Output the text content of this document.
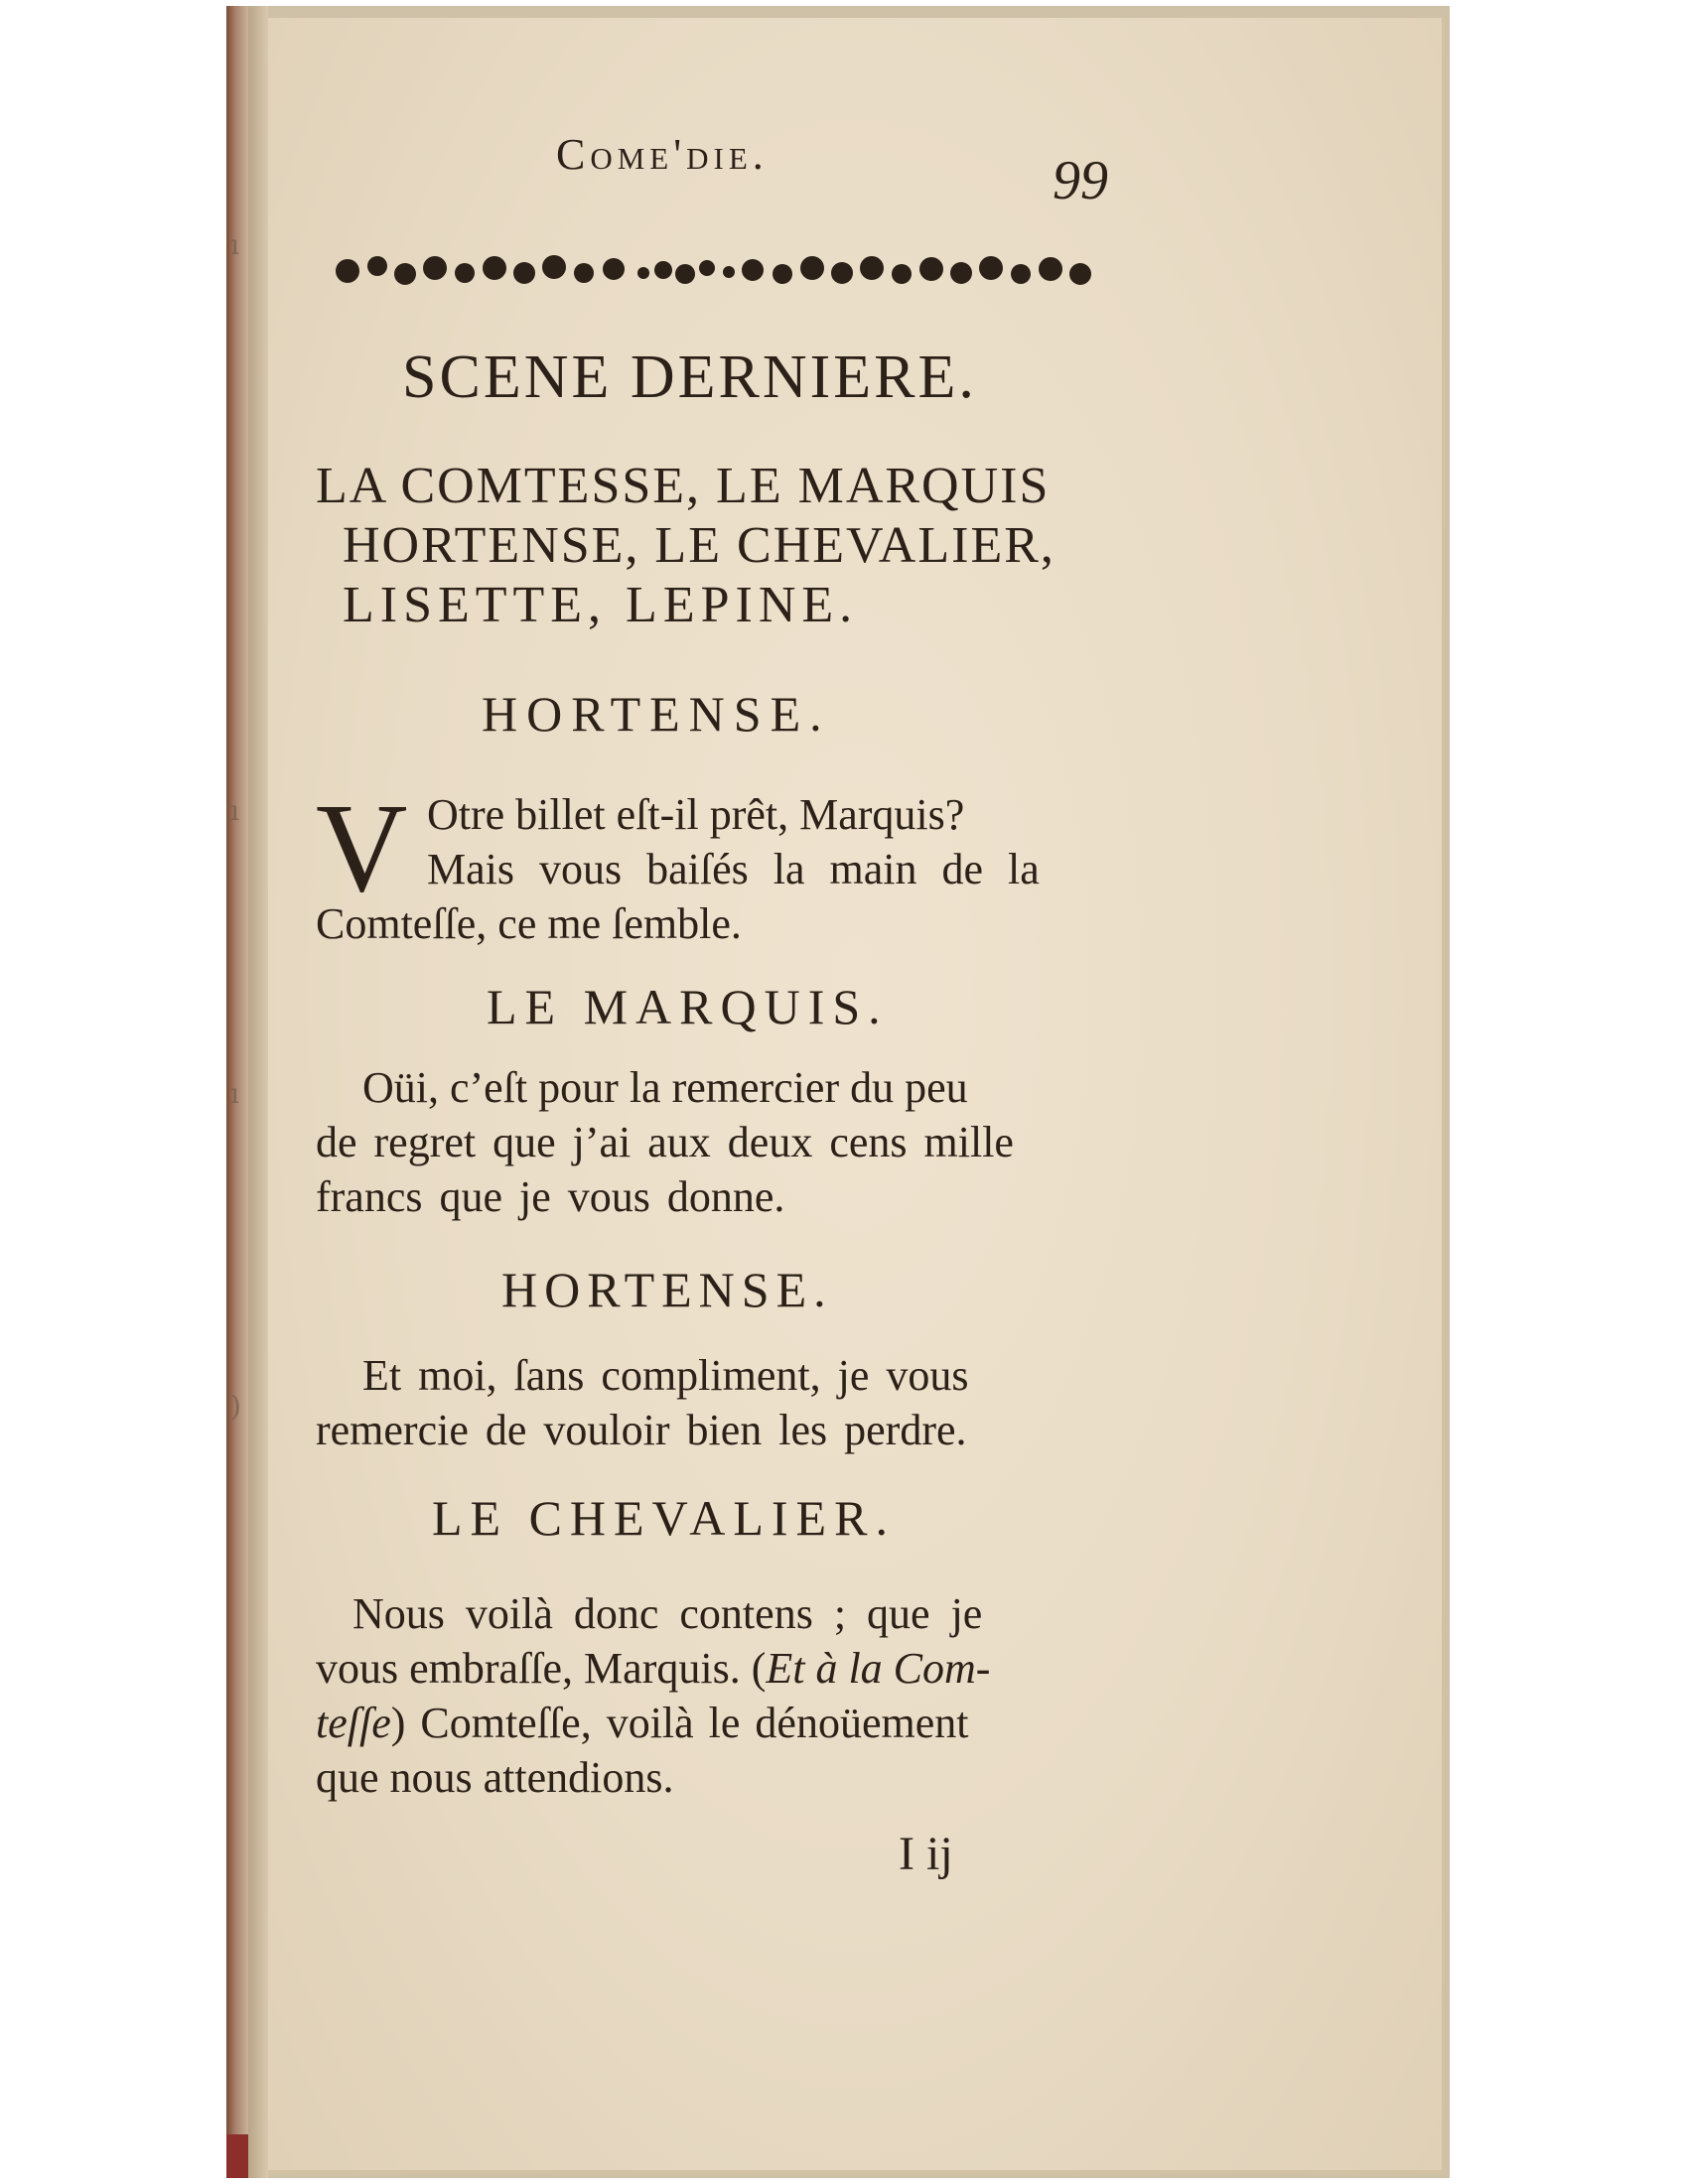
ı
ı
ı
)
Come'die.	99
SCENE DERNIERE.
LA COMTESSE, LE MARQUIS
HORTENSE, LE CHEVALIER,
LISETTE, LEPINE.
HORTENSE.
V Otre billet eſt-il prêt, Marquis?
Mais vous baiſés la main de la
Comteſſe, ce me ſemble.
LE MARQUIS.
Oüi, c’eſt pour la remercier du peu
de regret que j’ai aux deux cens mille
francs que je vous donne.
HORTENSE.
Et moi, ſans compliment, je vous
remercie de vouloir bien les perdre.
LE CHEVALIER.
Nous voilà donc contens ; que je
vous embraſſe, Marquis. (Et à la Com-
teſſe) Comteſſe, voilà le dénoüement
que nous attendions.
I ij
